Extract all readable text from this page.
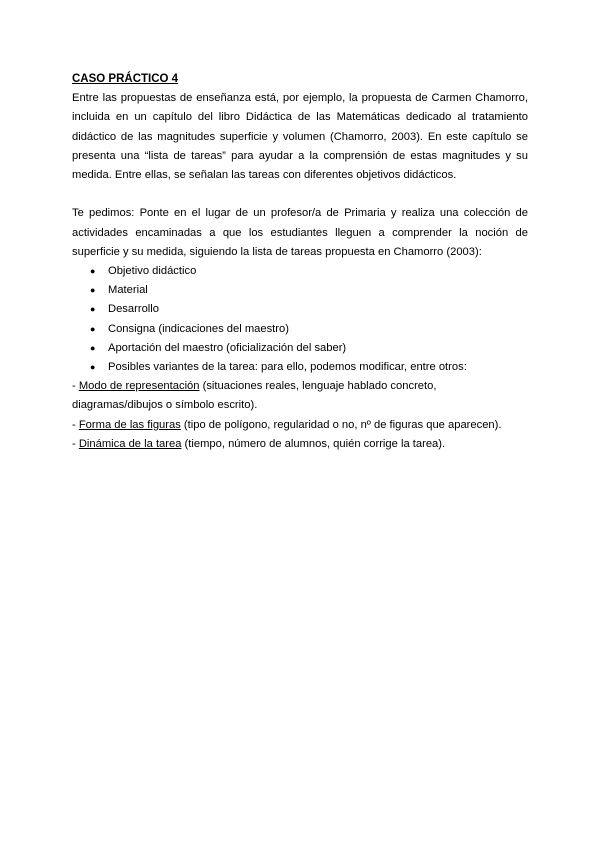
CASO PRÁCTICO 4

Entre las propuestas de enseñanza está, por ejemplo, la propuesta de Carmen Chamorro, incluida en un capítulo del libro Didáctica de las Matemáticas dedicado al tratamiento didáctico de las magnitudes superficie y volumen (Chamorro, 2003). En este capítulo se presenta una “lista de tareas” para ayudar a la comprensión de estas magnitudes y su medida. Entre ellas, se señalan las tareas con diferentes objetivos didácticos.

Te pedimos: Ponte en el lugar de un profesor/a de Primaria y realiza una colección de actividades encaminadas a que los estudiantes lleguen a comprender la noción de superficie y su medida, siguiendo la lista de tareas propuesta en Chamorro (2003):

● Objetivo didáctico
● Material
● Desarrollo
● Consigna (indicaciones del maestro)
● Aportación del maestro (oficialización del saber)
● Posibles variantes de la tarea: para ello, podemos modificar, entre otros:

- Modo de representación (situaciones reales, lenguaje hablado concreto, diagramas/dibujos o símbolo escrito).

- Forma de las figuras (tipo de polígono, regularidad o no, nº de figuras que aparecen).

- Dinámica de la tarea (tiempo, número de alumnos, quién corrige la tarea).
